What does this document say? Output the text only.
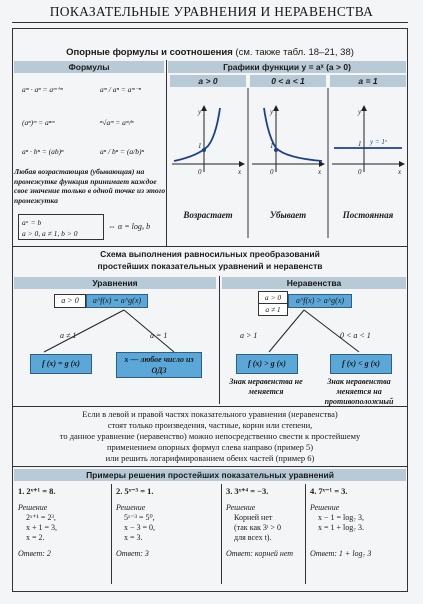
ПОКАЗАТЕЛЬНЫЕ УРАВНЕНИЯ И НЕРАВЕНСТВА
Опорные формулы и соотношения (см. также табл. 18–21, 38)
Формулы	Графики функции y = aˣ (a > 0)
aᵐ · aⁿ = aᵐ⁺ⁿ	aᵐ / aⁿ = aᵐ⁻ⁿ
(aⁿ)ᵐ = aⁿᵐ	ⁿ√aᵐ = aᵐ/ⁿ
aⁿ · bⁿ = (ab)ⁿ	aⁿ / bⁿ = (a/b)ⁿ
Любая возрастающая (убывающая) на промежутке функция принимает каждое свое значение только в одной точке из этого промежутка
aᵅ = b
a > 0, a ≠ 1, b > 0
⇔ α = logₐ b
a > 0	0 < a < 1	a = 1
y
x
1
0
y
x
1
0
y
x
1
0
y = 1ˣ
Возрастает	Убывает	Постоянная
Схема выполнения равносильных преобразований
простейших показательных уравнений и неравенств
Уравнения	Неравенства
a > 0	a^f(x) = a^g(x)
a ≠ 1	a = 1
f (x) = g (x)	x — любое число из ОДЗ
a > 0
a ≠ 1
a^f(x) > a^g(x)
a > 1	0 < a < 1
f (x) > g (x)	f (x) < g (x)
Знак неравенства не меняется
Знак неравенства меняется на противоположный
Если в левой и правой частях показательного уравнения (неравенства)
стоят только произведения, частные, корни или степени,
то данное уравнение (неравенство) можно непосредственно свести к простейшему
применением опорных формул слева направо (пример 5)
или решить логарифмированием обеих частей (пример 6)
Примеры решения простейших показательных уравнений
1. 2ˣ⁺¹ = 8.
Решение
2ˣ⁺¹ = 2³,
x + 1 = 3,
x = 2.
Ответ: 2
2. 5ˣ⁻³ = 1.
Решение
5ˣ⁻³ = 5⁰,
x − 3 = 0,
x = 3.
Ответ: 3
3. 3ˣ⁺⁴ = −3.
Решение
Корней нет
(так как 3ᵗ > 0
для всех t).
Ответ: корней нет
4. 7ˣ⁻¹ = 3.
Решение
x − 1 = log₇ 3,
x = 1 + log₇ 3.
Ответ: 1 + log₇ 3
